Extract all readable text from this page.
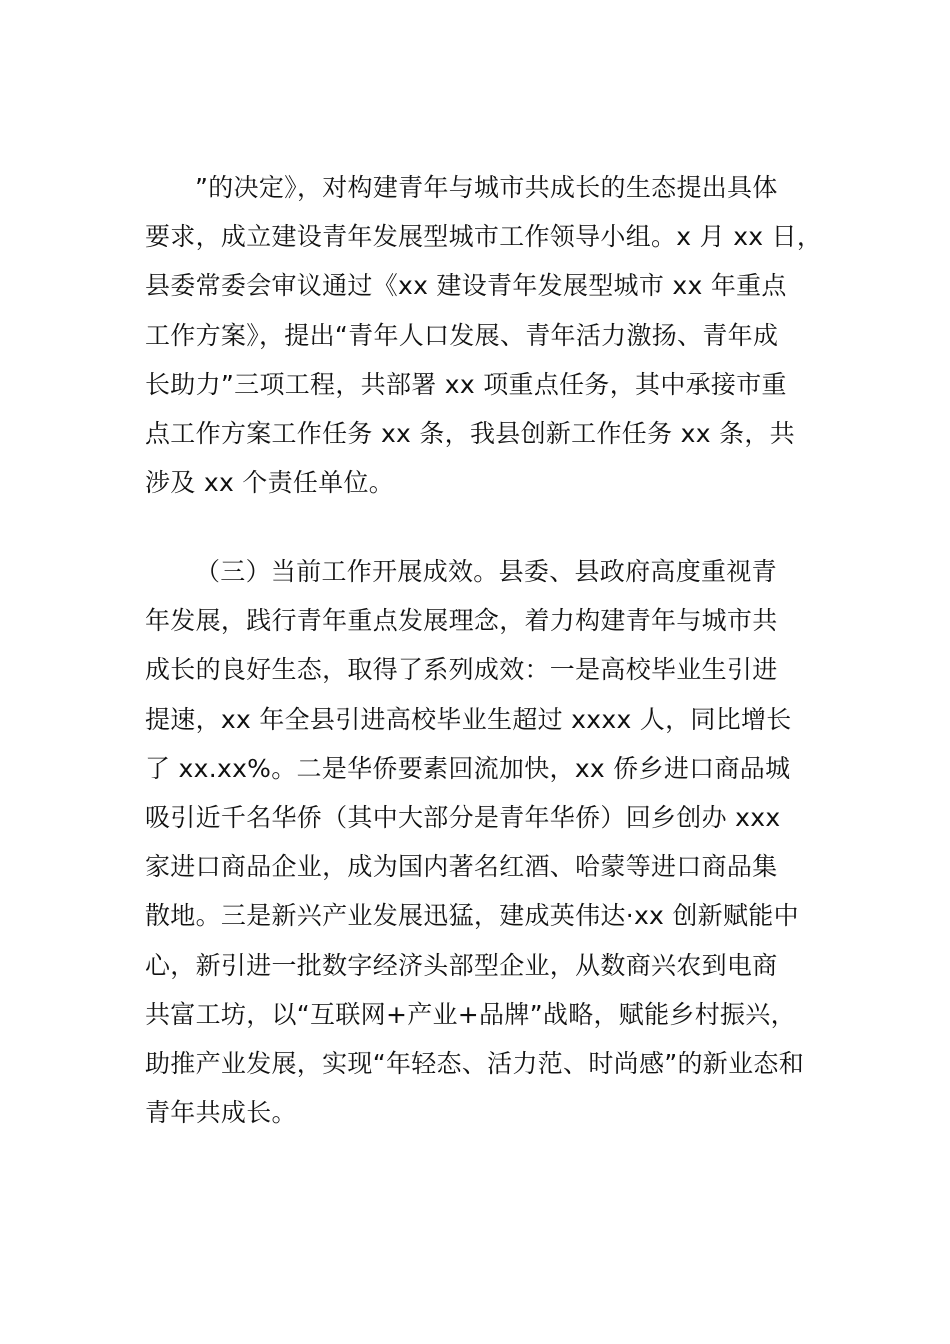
”的决定》，对构建青年与城市共成长的生态提出具体
要求，成立建设青年发展型城市工作领导小组。x 月 xx 日，
县委常委会审议通过《xx 建设青年发展型城市 xx 年重点
工作方案》，提出“青年人口发展、青年活力激扬、青年成
长助力”三项工程，共部署 xx 项重点任务，其中承接市重
点工作方案工作任务 xx 条，我县创新工作任务 xx 条，共
涉及 xx 个责任单位。
（三）当前工作开展成效。县委、县政府高度重视青
年发展，践行青年重点发展理念，着力构建青年与城市共
成长的良好生态，取得了系列成效：一是高校毕业生引进
提速，xx 年全县引进高校毕业生超过 xxxx 人，同比增长
了 xx.xx%。二是华侨要素回流加快，xx 侨乡进口商品城
吸引近千名华侨（其中大部分是青年华侨）回乡创办 xxx
家进口商品企业，成为国内著名红酒、哈蒙等进口商品集
散地。三是新兴产业发展迅猛，建成英伟达·xx 创新赋能中
心，新引进一批数字经济头部型企业，从数商兴农到电商
共富工坊，以“互联网+产业+品牌”战略，赋能乡村振兴，
助推产业发展，实现“年轻态、活力范、时尚感”的新业态和
青年共成长。
